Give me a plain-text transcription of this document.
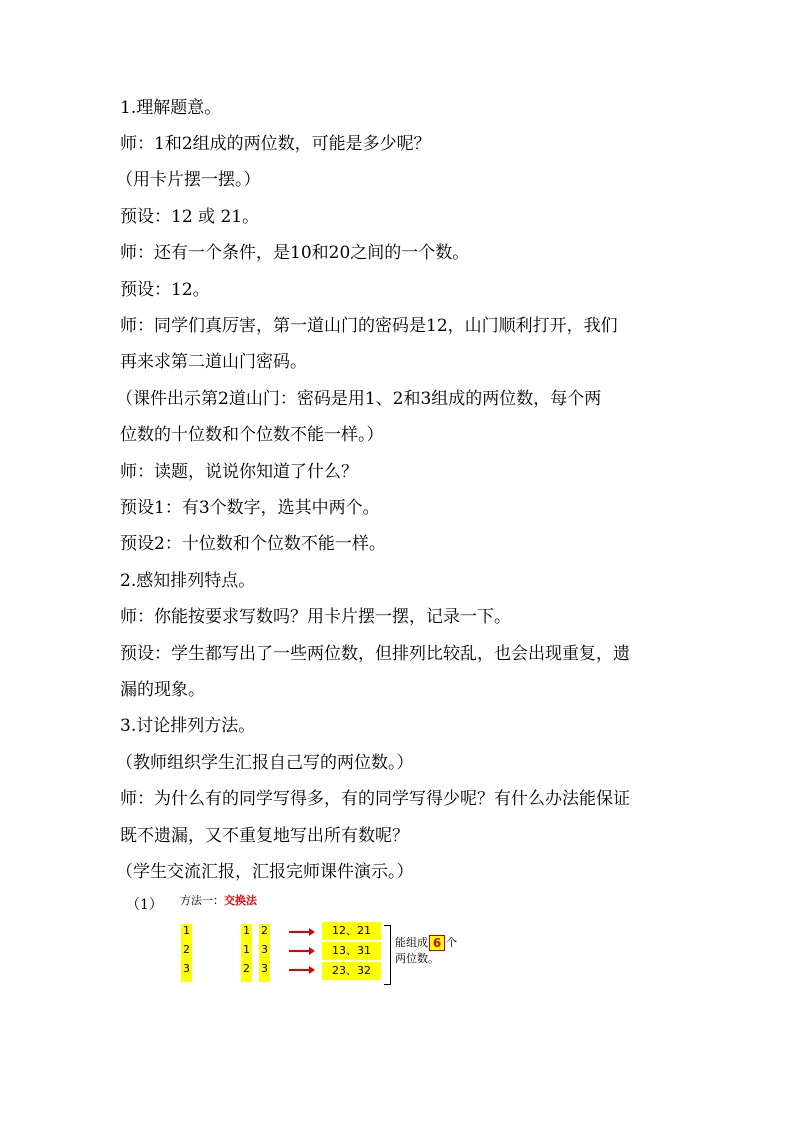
1.理解题意。
师：1和2组成的两位数，可能是多少呢？
（用卡片摆一摆。）
预设：12 或 21。
师：还有一个条件，是10和20之间的一个数。
预设：12。
师：同学们真厉害，第一道山门的密码是12，山门顺利打开，我们
再来求第二道山门密码。
（课件出示第2道山门：密码是用1、2和3组成的两位数，每个两
位数的十位数和个位数不能一样。）
师：读题，说说你知道了什么？
预设1：有3个数字，选其中两个。
预设2：十位数和个位数不能一样。
2.感知排列特点。
师：你能按要求写数吗？用卡片摆一摆，记录一下。
预设：学生都写出了一些两位数，但排列比较乱，也会出现重复，遗
漏的现象。
3.讨论排列方法。
（教师组织学生汇报自己写的两位数。）
师：为什么有的同学写得多，有的同学写得少呢？有什么办法能保证
既不遗漏，又不重复地写出所有数呢？
（学生交流汇报，汇报完师课件演示。）
（1） 方法一：交换法
1
2
3
1
1
2
2
3
3
12、21
13、31
23、32
能组成 6 个
两位数。
